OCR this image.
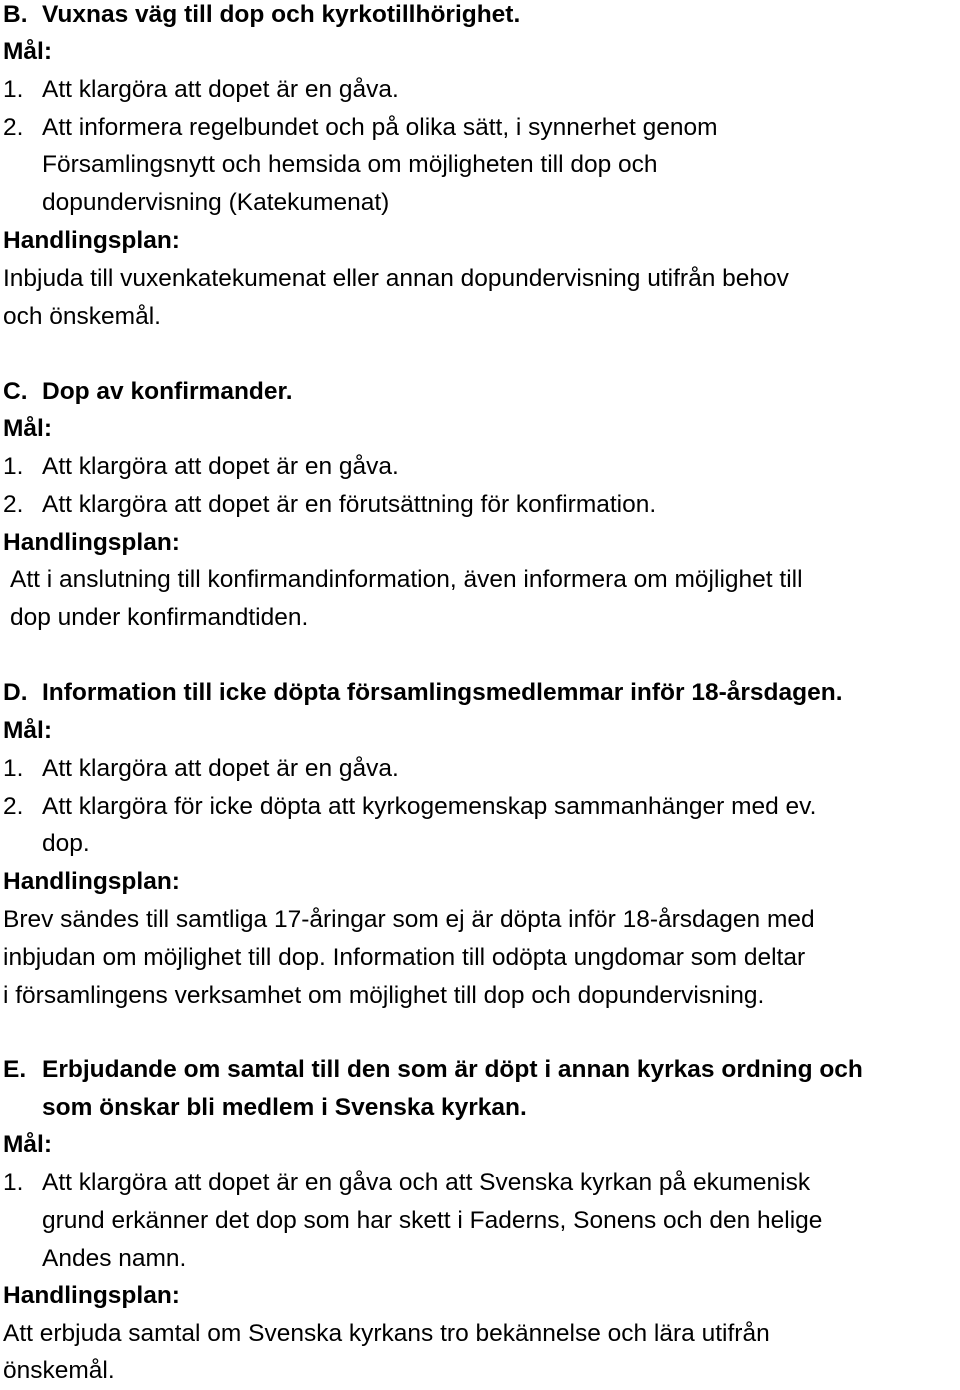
B. Vuxnas väg till dop och kyrkotillhörighet.
Mål:
1. Att klargöra att dopet är en gåva.
2. Att informera regelbundet och på olika sätt, i synnerhet genom
Församlingsnytt och hemsida om möjligheten till dop och
dopundervisning (Katekumenat)
Handlingsplan:
Inbjuda till vuxenkatekumenat eller annan dopundervisning utifrån behov
och önskemål.
C. Dop av konfirmander.
Mål:
1. Att klargöra att dopet är en gåva.
2. Att klargöra att dopet är en förutsättning för konfirmation.
Handlingsplan:
Att i anslutning till konfirmandinformation, även informera om möjlighet till
dop under konfirmandtiden.
D. Information till icke döpta församlingsmedlemmar inför 18-årsdagen.
Mål:
1. Att klargöra att dopet är en gåva.
2. Att klargöra för icke döpta att kyrkogemenskap sammanhänger med ev.
dop.
Handlingsplan:
Brev sändes till samtliga 17-åringar som ej är döpta inför 18-årsdagen med
inbjudan om möjlighet till dop. Information till odöpta ungdomar som deltar
i församlingens verksamhet om möjlighet till dop och dopundervisning.
E. Erbjudande om samtal till den som är döpt i annan kyrkas ordning och
som önskar bli medlem i Svenska kyrkan.
Mål:
1. Att klargöra att dopet är en gåva och att Svenska kyrkan på ekumenisk
grund erkänner det dop som har skett i Faderns, Sonens och den helige
Andes namn.
Handlingsplan:
Att erbjuda samtal om Svenska kyrkans tro bekännelse och lära utifrån
önskemål.
